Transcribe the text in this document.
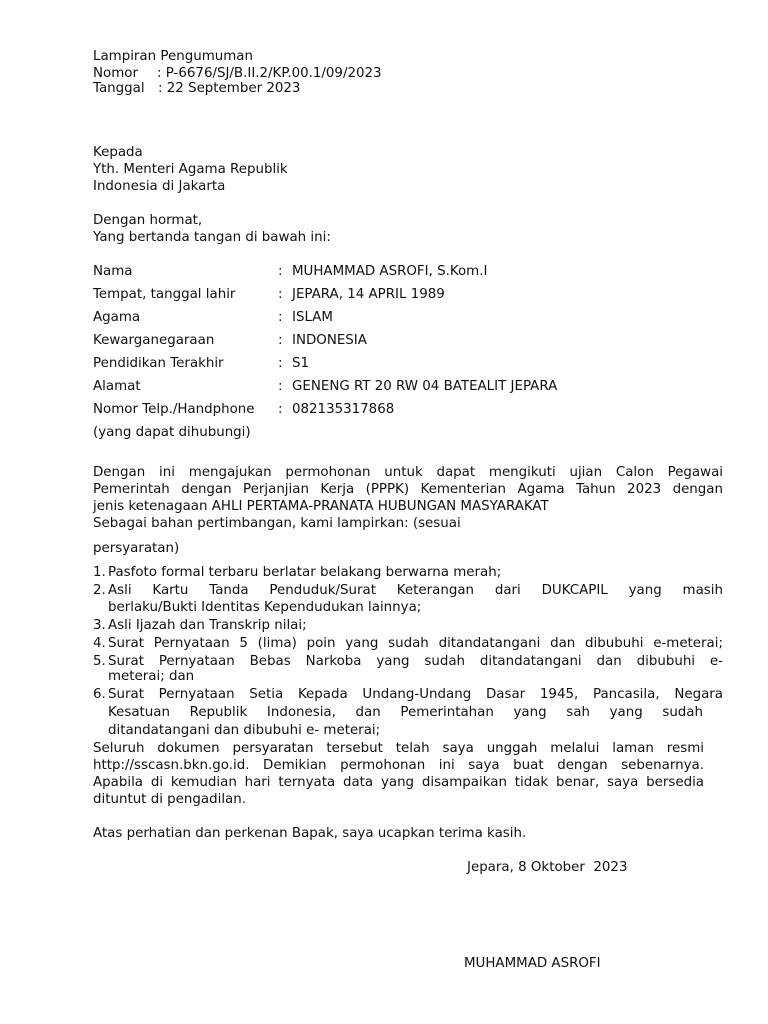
Lampiran Pengumuman
Nomor : P-6676/SJ/B.II.2/KP.00.1/09/2023
Tanggal : 22 September 2023
Kepada
Yth. Menteri Agama Republik
Indonesia di Jakarta
Dengan hormat,
Yang bertanda tangan di bawah ini:
Nama	: MUHAMMAD ASROFI, S.Kom.I
Tempat, tanggal lahir	: JEPARA, 14 APRIL 1989
Agama	: ISLAM
Kewarganegaraan	: INDONESIA
Pendidikan Terakhir	: S1
Alamat	: GENENG RT 20 RW 04 BATEALIT JEPARA
Nomor Telp./Handphone : 082135317868
(yang dapat dihubungi)
Dengan ini mengajukan permohonan untuk dapat mengikuti ujian Calon Pegawai
Pemerintah dengan Perjanjian Kerja (PPPK) Kementerian Agama Tahun 2023 dengan
jenis ketenagaan AHLI PERTAMA-PRANATA HUBUNGAN MASYARAKAT
Sebagai bahan pertimbangan, kami lampirkan: (sesuai
persyaratan)
1. Pasfoto formal terbaru berlatar belakang berwarna merah;
2. Asli Kartu Tanda Penduduk/Surat Keterangan dari DUKCAPIL yang masih
berlaku/Bukti Identitas Kependudukan lainnya;
3. Asli Ijazah dan Transkrip nilai;
4. Surat Pernyataan 5 (lima) poin yang sudah ditandatangani dan dibubuhi e-meterai;
5. Surat Pernyataan Bebas Narkoba yang sudah ditandatangani dan dibubuhi e-
meterai; dan
6. Surat Pernyataan Setia Kepada Undang-Undang Dasar 1945, Pancasila, Negara
Kesatuan Republik Indonesia, dan Pemerintahan yang sah yang sudah
ditandatangani dan dibubuhi e- meterai;
Seluruh dokumen persyaratan tersebut telah saya unggah melalui laman resmi
http://sscasn.bkn.go.id. Demikian permohonan ini saya buat dengan sebenarnya.
Apabila di kemudian hari ternyata data yang disampaikan tidak benar, saya bersedia
dituntut di pengadilan.
Atas perhatian dan perkenan Bapak, saya ucapkan terima kasih.
Jepara, 8 Oktober  2023
MUHAMMAD ASROFI
